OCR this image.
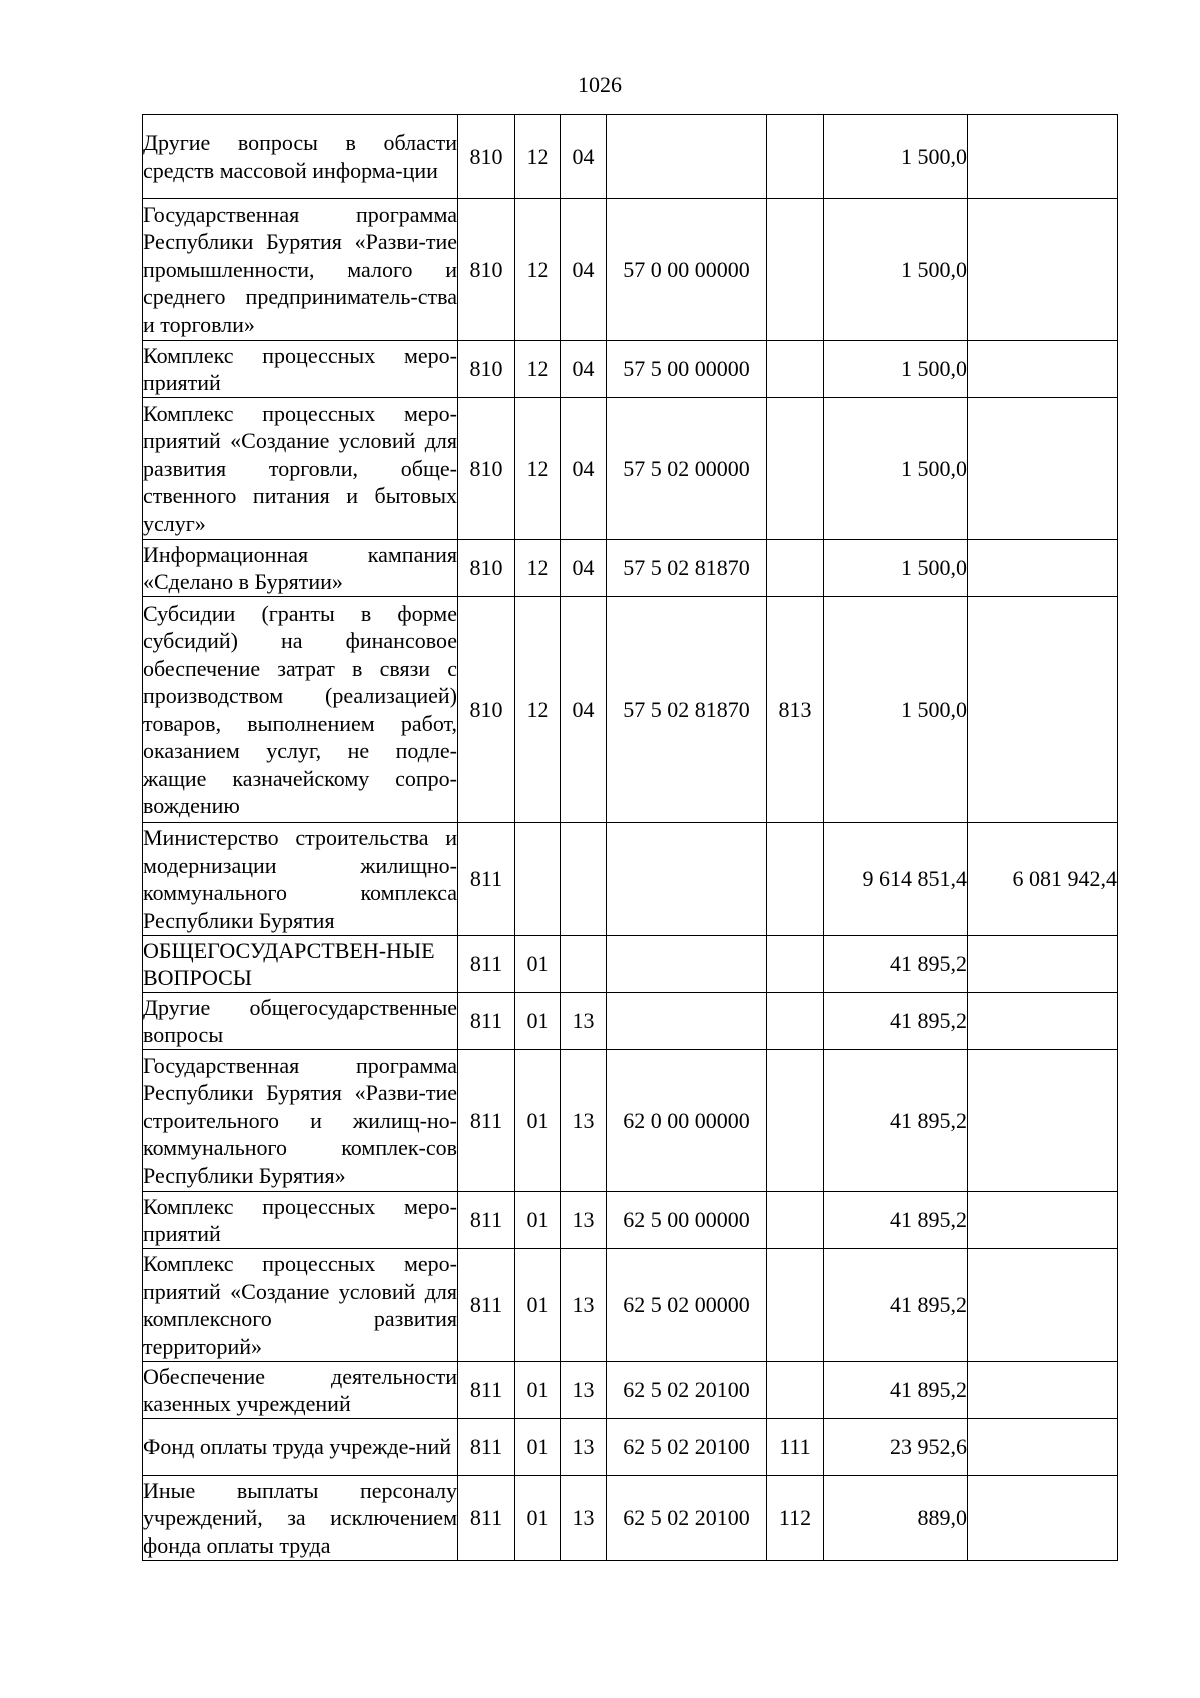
1026
Другие вопросы в области средств массовой информа-ции	810	12	04			1 500,0	
Государственная программа Республики Бурятия «Разви-тие промышленности, малого и среднего предприниматель-ства и торговли»	810	12	04	57 0 00 00000		1 500,0	
Комплекс процессных меро-приятий	810	12	04	57 5 00 00000		1 500,0	
Комплекс процессных меро-приятий «Создание условий для развития торговли, обще-ственного питания и бытовых услуг»	810	12	04	57 5 02 00000		1 500,0	
Информационная кампания «Сделано в Бурятии»	810	12	04	57 5 02 81870		1 500,0	
Субсидии (гранты в форме субсидий) на финансовое обеспечение затрат в связи с производством (реализацией) товаров, выполнением работ, оказанием услуг, не подле-жащие казначейскому сопро-вождению	810	12	04	57 5 02 81870	813	1 500,0	
Министерство строительства и модернизации жилищно-коммунального комплекса Республики Бурятия	811					9 614 851,4	6 081 942,4
ОБЩЕГОСУДАРСТВЕН-НЫЕ ВОПРОСЫ	811	01				41 895,2	
Другие общегосударственные вопросы	811	01	13			41 895,2	
Государственная программа Республики Бурятия «Разви-тие строительного и жилищ-но-коммунального комплек-сов Республики Бурятия»	811	01	13	62 0 00 00000		41 895,2	
Комплекс процессных меро-приятий	811	01	13	62 5 00 00000		41 895,2	
Комплекс процессных меро-приятий «Создание условий для комплексного развития территорий»	811	01	13	62 5 02 00000		41 895,2	
Обеспечение деятельности казенных учреждений	811	01	13	62 5 02 20100		41 895,2	
Фонд оплаты труда учрежде-ний	811	01	13	62 5 02 20100	111	23 952,6	
Иные выплаты персоналу учреждений, за исключением фонда оплаты труда	811	01	13	62 5 02 20100	112	889,0	
